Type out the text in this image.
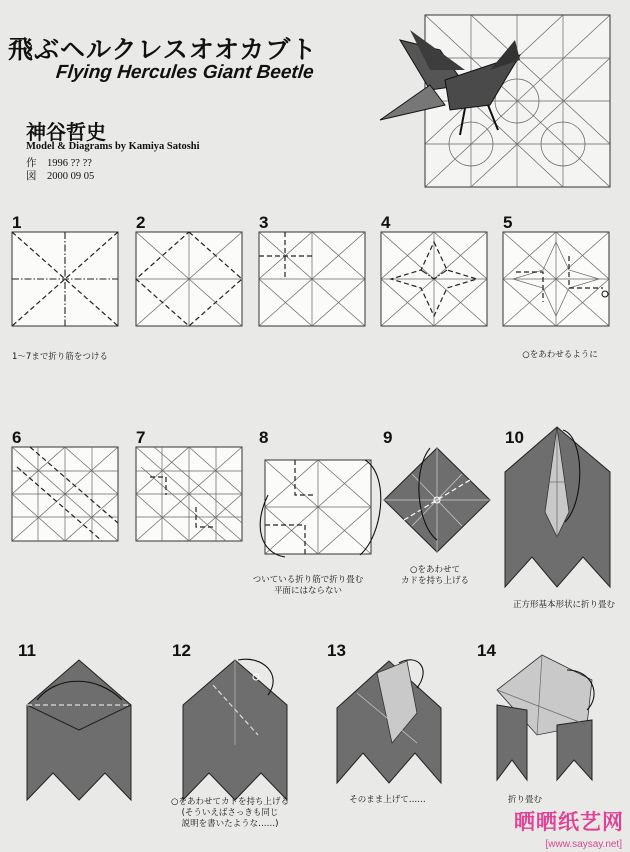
飛ぶヘルクレスオオカブト
Flying Hercules Giant Beetle
神谷哲史
Model & Diagrams by Kamiya Satoshi
作　1996 ?? ??
図　2000 09 05
1	2	3	4	5
1～7まで折り筋をつける	○をあわせるように
6	7	8
ついている折り筋で折り畳む
平面にはならない
9
○をあわせて
カドを持ち上げる
10
正方形基本形状に折り畳む
11	12
○をあわせてカドを持ち上げる
(そういえばさっきも同じ
説明を書いたような……)
13
そのまま上げて……
14
折り畳む
晒晒纸艺网
[www.saysay.net]
